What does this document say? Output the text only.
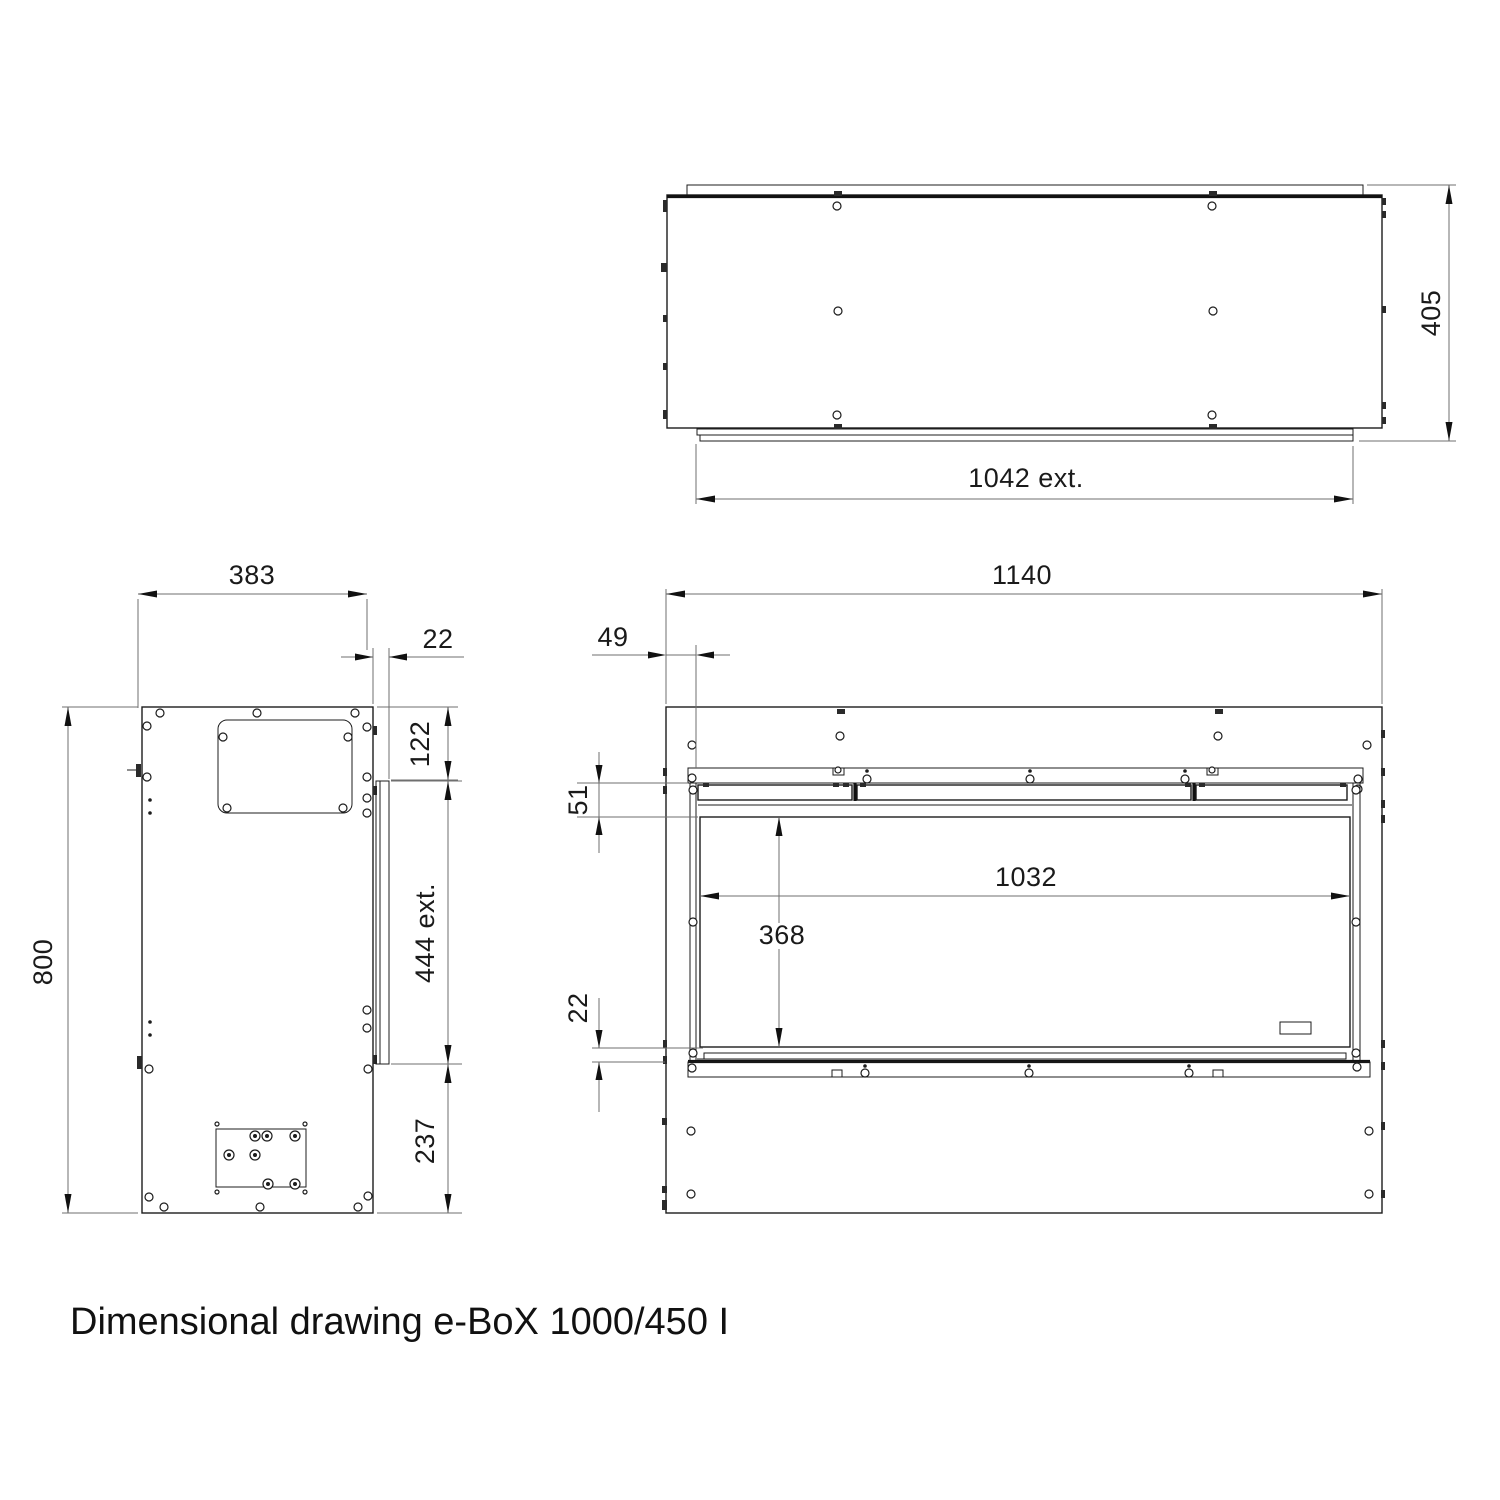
1042 ext.
405
383
22
122
444 ext.
237
800
1140
49
51
1032
368
22
Dimensional drawing e-BoX 1000/450 I
